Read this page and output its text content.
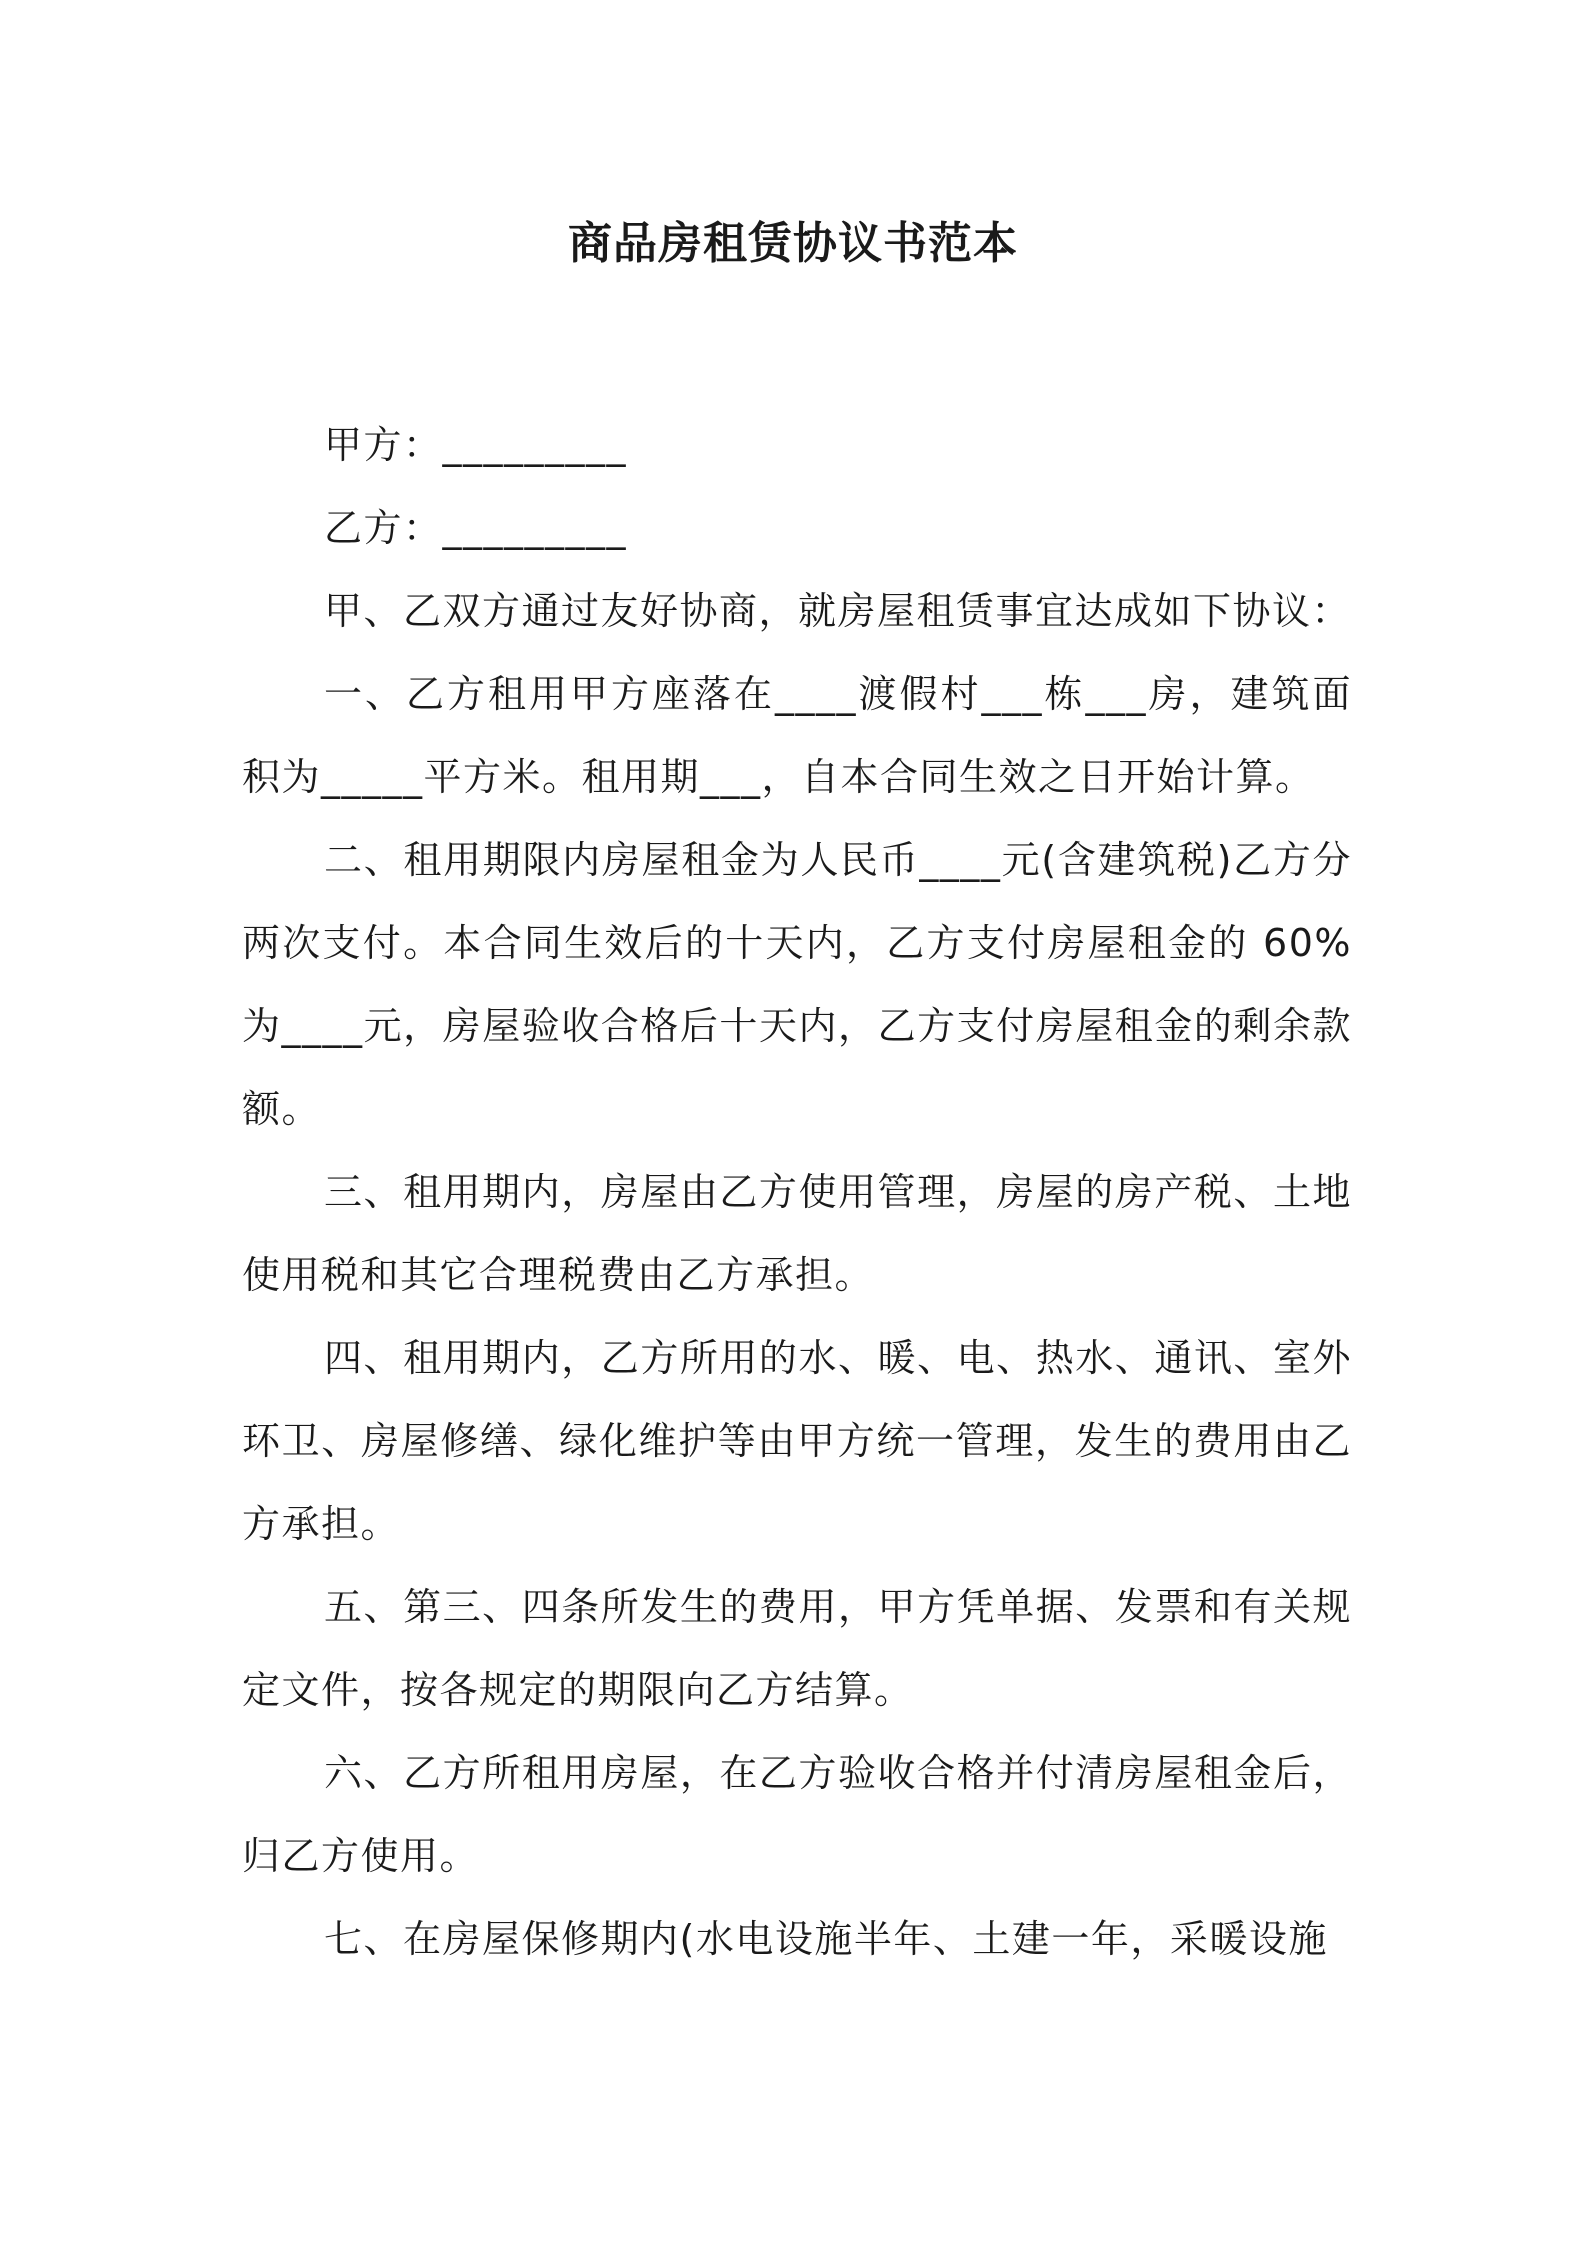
商品房租赁协议书范本

甲方：_________

乙方：_________

甲、乙双方通过友好协商，就房屋租赁事宜达成如下协议：

一、乙方租用甲方座落在____渡假村___栋___房，建筑面积为_____平方米。租用期___，自本合同生效之日开始计算。

二、租用期限内房屋租金为人民币____元(含建筑税)乙方分两次支付。本合同生效后的十天内，乙方支付房屋租金的 60%为____元，房屋验收合格后十天内，乙方支付房屋租金的剩余款额。

三、租用期内，房屋由乙方使用管理，房屋的房产税、土地使用税和其它合理税费由乙方承担。

四、租用期内，乙方所用的水、暖、电、热水、通讯、室外环卫、房屋修缮、绿化维护等由甲方统一管理，发生的费用由乙方承担。

五、第三、四条所发生的费用，甲方凭单据、发票和有关规定文件，按各规定的期限向乙方结算。

六、乙方所租用房屋，在乙方验收合格并付清房屋租金后，归乙方使用。

七、在房屋保修期内(水电设施半年、土建一年，采暖设施
